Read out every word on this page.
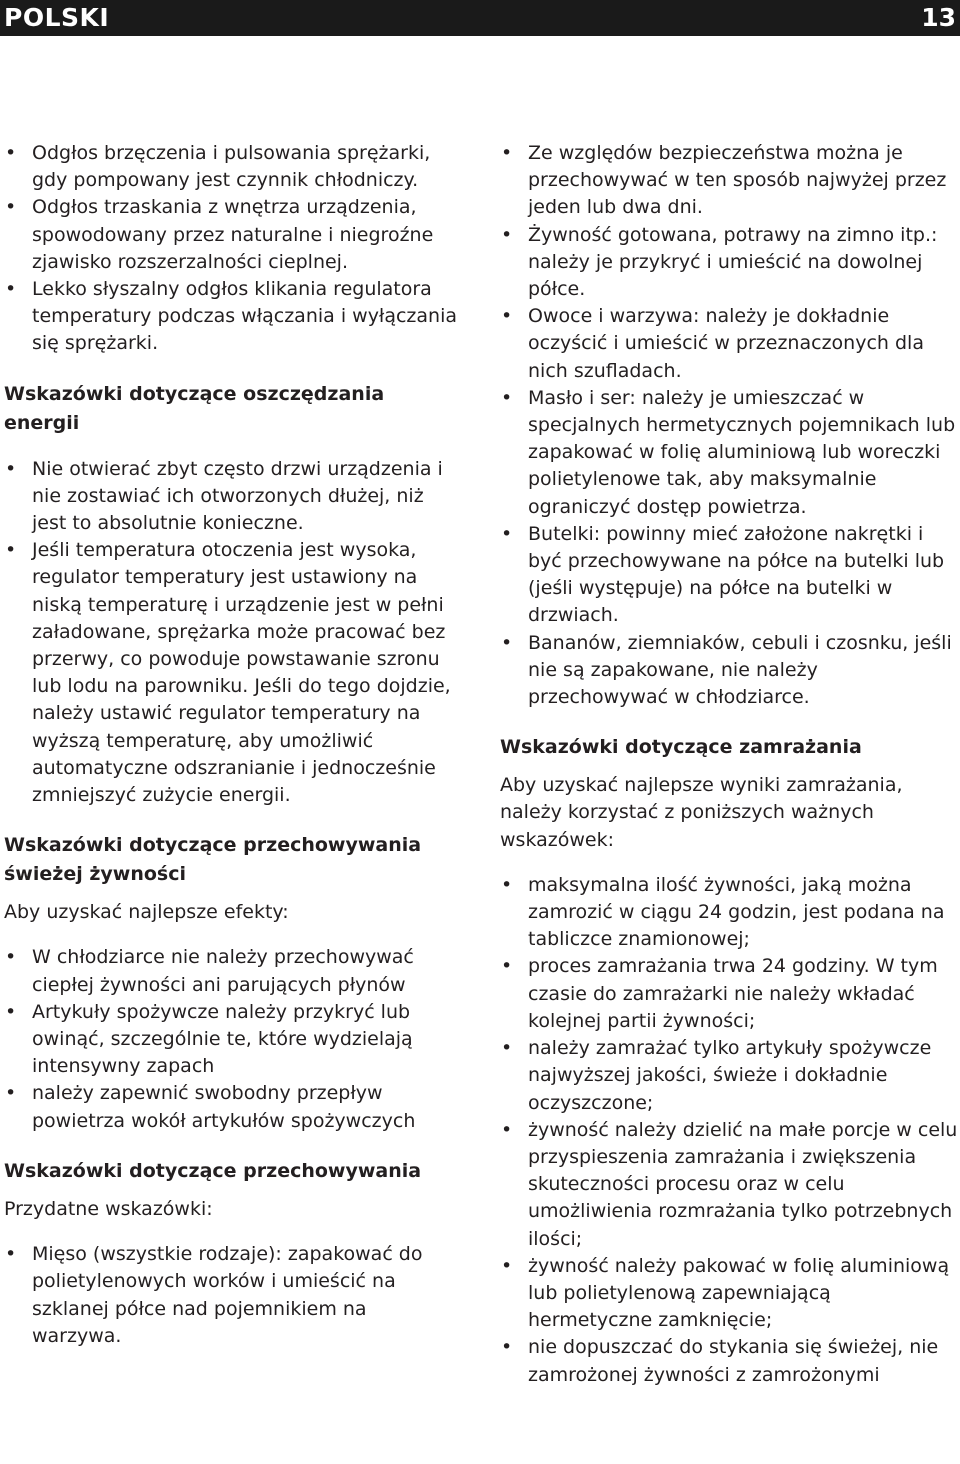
POLSKI	13
• Odgłos brzęczenia i pulsowania sprężarki, gdy pompowany jest czynnik chłodniczy.
• Odgłos trzaskania z wnętrza urządzenia, spowodowany przez naturalne i niegroźne zjawisko rozszerzalności cieplnej.
• Lekko słyszalny odgłos klikania regulatora temperatury podczas włączania i wyłączania się sprężarki.
Wskazówki dotyczące oszczędzania energii
• Nie otwierać zbyt często drzwi urządzenia i nie zostawiać ich otworzonych dłużej, niż jest to absolutnie konieczne.
• Jeśli temperatura otoczenia jest wysoka, regulator temperatury jest ustawiony na niską temperaturę i urządzenie jest w pełni załadowane, sprężarka może pracować bez przerwy, co powoduje powstawanie szronu lub lodu na parowniku. Jeśli do tego dojdzie, należy ustawić regulator temperatury na wyższą temperaturę, aby umożliwić automatyczne odszranianie i jednocześnie zmniejszyć zużycie energii.
Wskazówki dotyczące przechowywania świeżej żywności

Aby uzyskać najlepsze efekty:

• W chłodziarce nie należy przechowywać ciepłej żywności ani parujących płynów
• Artykuły spożywcze należy przykryć lub owinąć, szczególnie te, które wydzielają intensywny zapach
• należy zapewnić swobodny przepływ powietrza wokół artykułów spożywczych
Wskazówki dotyczące przechowywania

Przydatne wskazówki:

• Mięso (wszystkie rodzaje): zapakować do polietylenowych worków i umieścić na szklanej półce nad pojemnikiem na warzywa.
• Ze względów bezpieczeństwa można je przechowywać w ten sposób najwyżej przez jeden lub dwa dni.
• Żywność gotowana, potrawy na zimno itp.: należy je przykryć i umieścić na dowolnej półce.
• Owoce i warzywa: należy je dokładnie oczyścić i umieścić w przeznaczonych dla nich szufladach.
• Masło i ser: należy je umieszczać w specjalnych hermetycznych pojemnikach lub zapakować w folię aluminiową lub woreczki polietylenowe tak, aby maksymalnie ograniczyć dostęp powietrza.
• Butelki: powinny mieć założone nakrętki i być przechowywane na półce na butelki lub (jeśli występuje) na półce na butelki w drzwiach.
• Bananów, ziemniaków, cebuli i czosnku, jeśli nie są zapakowane, nie należy przechowywać w chłodziarce.
Wskazówki dotyczące zamrażania

Aby uzyskać najlepsze wyniki zamrażania, należy korzystać z poniższych ważnych wskazówek:

• maksymalna ilość żywności, jaką można zamrozić w ciągu 24 godzin, jest podana na tabliczce znamionowej;
• proces zamrażania trwa 24 godziny. W tym czasie do zamrażarki nie należy wkładać kolejnej partii żywności;
• należy zamrażać tylko artykuły spożywcze najwyższej jakości, świeże i dokładnie oczyszczone;
• żywność należy dzielić na małe porcje w celu przyspieszenia zamrażania i zwiększenia skuteczności procesu oraz w celu umożliwienia rozmrażania tylko potrzebnych ilości;
• żywność należy pakować w folię aluminiową lub polietylenową zapewniającą hermetyczne zamknięcie;
• nie dopuszczać do stykania się świeżej, nie zamrożonej żywności z zamrożonymi
